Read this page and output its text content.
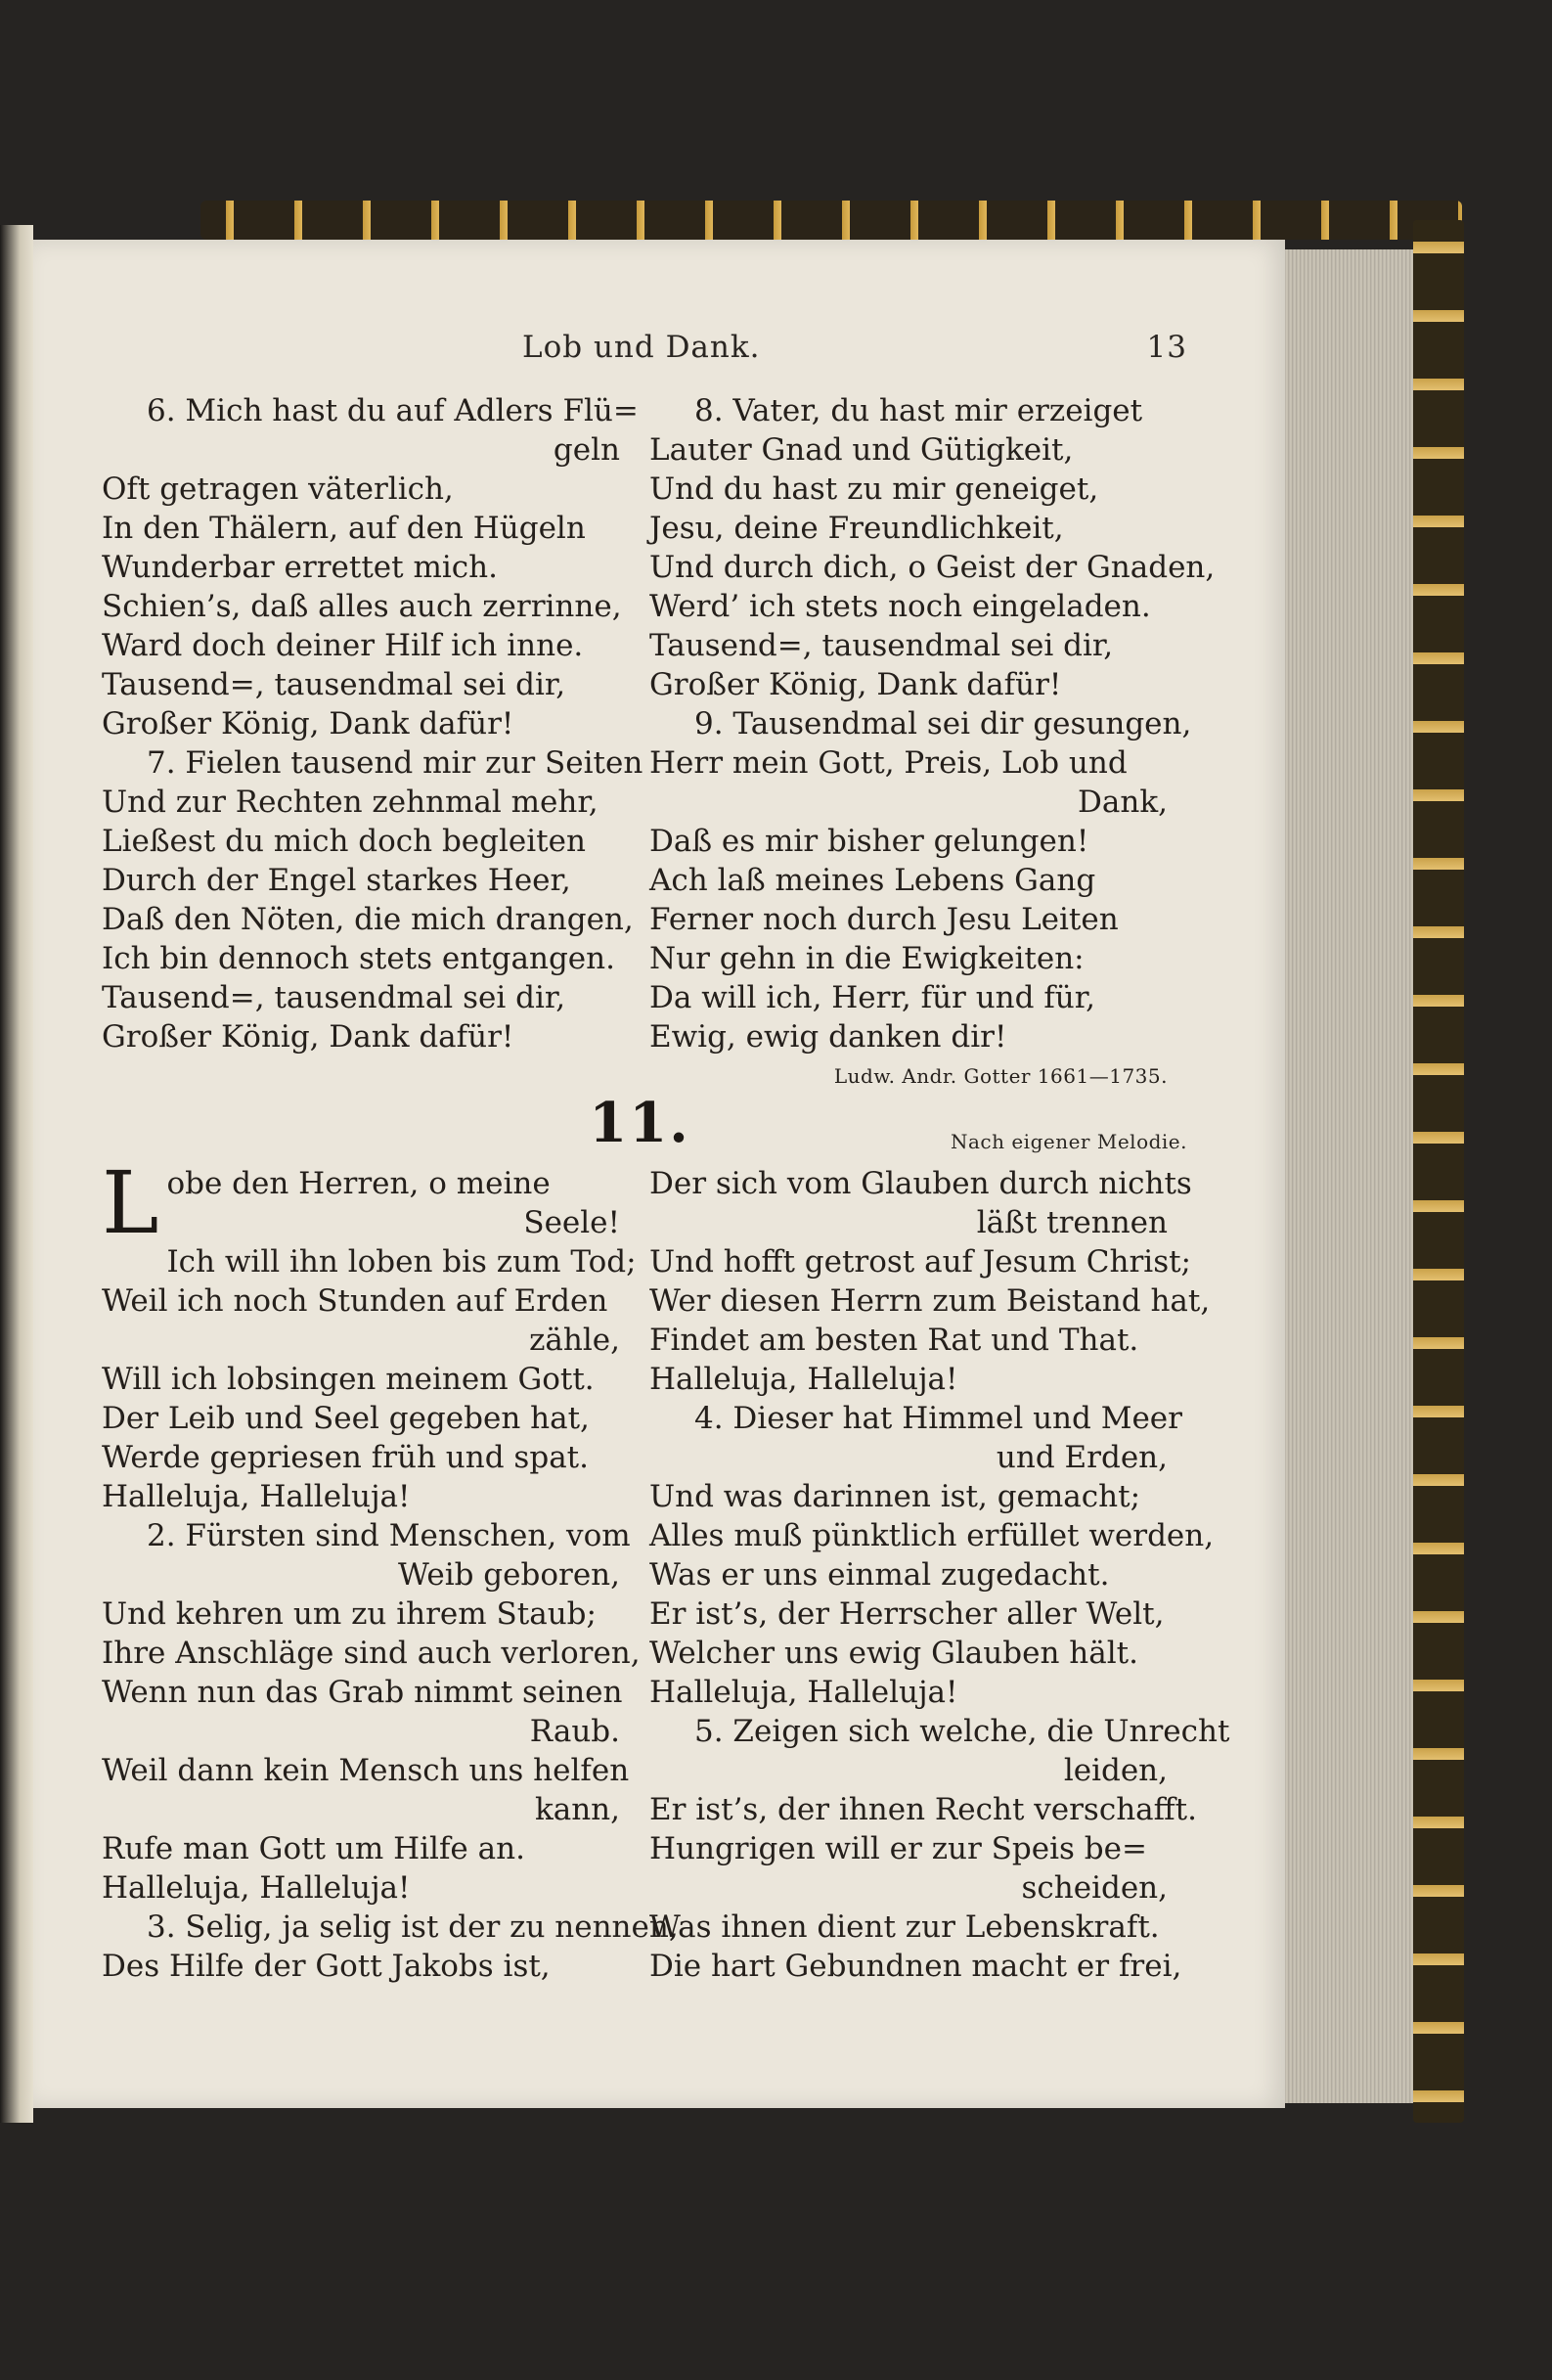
Lob und Dank.	13
6. Mich hast du auf Adlers Flü=
geln
Oft getragen väterlich,
In den Thälern, auf den Hügeln
Wunderbar errettet mich.
Schien’s, daß alles auch zerrinne,
Ward doch deiner Hilf ich inne.
Tausend=, tausendmal sei dir,
Großer König, Dank dafür!
7. Fielen tausend mir zur Seiten
Und zur Rechten zehnmal mehr,
Ließest du mich doch begleiten
Durch der Engel starkes Heer,
Daß den Nöten, die mich drangen,
Ich bin dennoch stets entgangen.
Tausend=, tausendmal sei dir,
Großer König, Dank dafür!
8. Vater, du hast mir erzeiget
Lauter Gnad und Gütigkeit,
Und du hast zu mir geneiget,
Jesu, deine Freundlichkeit,
Und durch dich, o Geist der Gnaden,
Werd’ ich stets noch eingeladen.
Tausend=, tausendmal sei dir,
Großer König, Dank dafür!
9. Tausendmal sei dir gesungen,
Herr mein Gott, Preis, Lob und
Dank,
Daß es mir bisher gelungen!
Ach laß meines Lebens Gang
Ferner noch durch Jesu Leiten
Nur gehn in die Ewigkeiten:
Da will ich, Herr, für und für,
Ewig, ewig danken dir!
Ludw. Andr. Gotter 1661—1735.
11.	Nach eigener Melodie.
L obe den Herren, o meine
Seele!
Ich will ihn loben bis zum Tod;
Weil ich noch Stunden auf Erden
zähle,
Will ich lobsingen meinem Gott.
Der Leib und Seel gegeben hat,
Werde gepriesen früh und spat.
Halleluja, Halleluja!
2. Fürsten sind Menschen, vom
Weib geboren,
Und kehren um zu ihrem Staub;
Ihre Anschläge sind auch verloren,
Wenn nun das Grab nimmt seinen
Raub.
Weil dann kein Mensch uns helfen
kann,
Rufe man Gott um Hilfe an.
Halleluja, Halleluja!
3. Selig, ja selig ist der zu nennen,
Des Hilfe der Gott Jakobs ist,
Der sich vom Glauben durch nichts
läßt trennen
Und hofft getrost auf Jesum Christ;
Wer diesen Herrn zum Beistand hat,
Findet am besten Rat und That.
Halleluja, Halleluja!
4. Dieser hat Himmel und Meer
und Erden,
Und was darinnen ist, gemacht;
Alles muß pünktlich erfüllet werden,
Was er uns einmal zugedacht.
Er ist’s, der Herrscher aller Welt,
Welcher uns ewig Glauben hält.
Halleluja, Halleluja!
5. Zeigen sich welche, die Unrecht
leiden,
Er ist’s, der ihnen Recht verschafft.
Hungrigen will er zur Speis be=
scheiden,
Was ihnen dient zur Lebenskraft.
Die hart Gebundnen macht er frei,
